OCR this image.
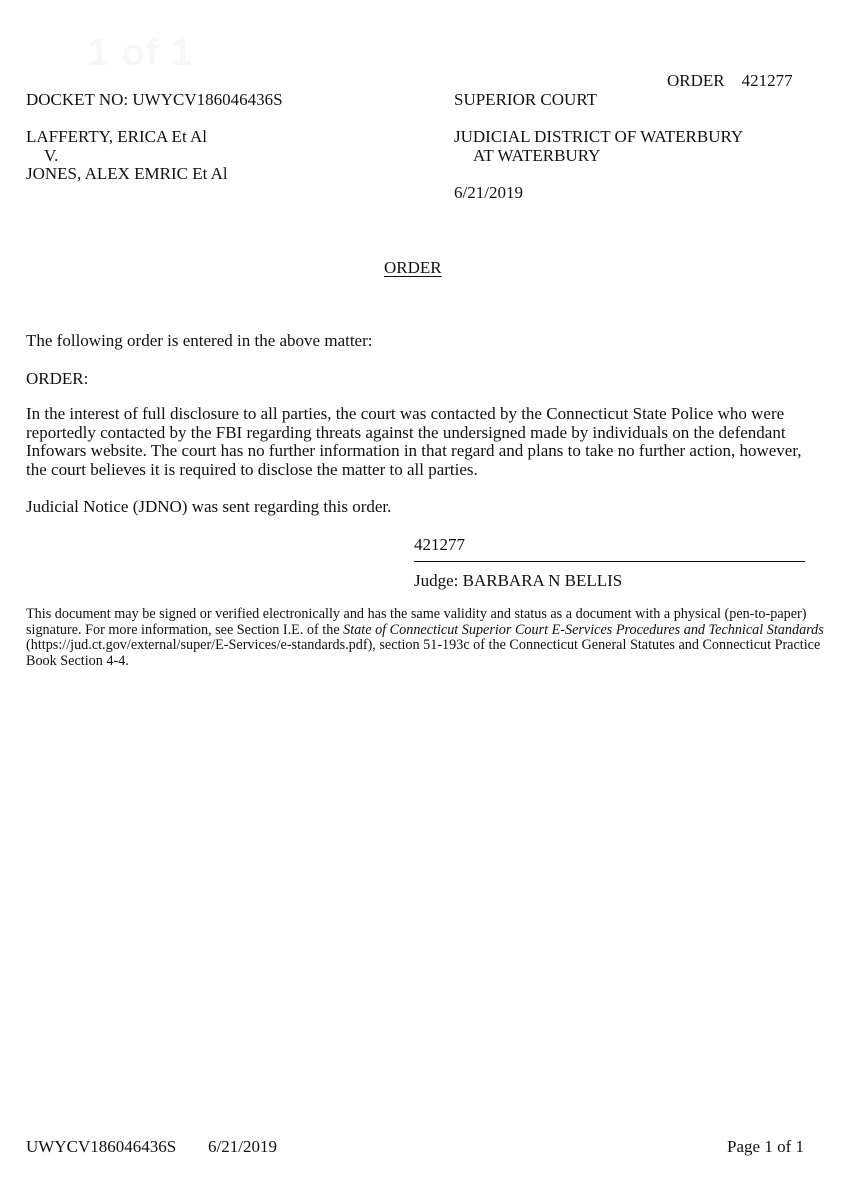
1 of 1
ORDER 421277
DOCKET NO: UWYCV186046436S	SUPERIOR COURT
LAFFERTY, ERICA Et Al
V.
JONES, ALEX EMRIC Et Al
JUDICIAL DISTRICT OF WATERBURY
AT WATERBURY
6/21/2019
ORDER
The following order is entered in the above matter:
ORDER:
In the interest of full disclosure to all parties, the court was contacted by the Connecticut State Police who were reportedly contacted by the FBI regarding threats against the undersigned made by individuals on the defendant Infowars website. The court has no further information in that regard and plans to take no further action, however, the court believes it is required to disclose the matter to all parties.
Judicial Notice (JDNO) was sent regarding this order.
421277
Judge: BARBARA N BELLIS
This document may be signed or verified electronically and has the same validity and status as a document with a physical (pen-to-paper) signature. For more information, see Section I.E. of the State of Connecticut Superior Court E-Services Procedures and Technical Standards (https://jud.ct.gov/external/super/E-Services/e-standards.pdf), section 51-193c of the Connecticut General Statutes and Connecticut Practice Book Section 4-4.
UWYCV186046436S 6/21/2019	Page 1 of 1
